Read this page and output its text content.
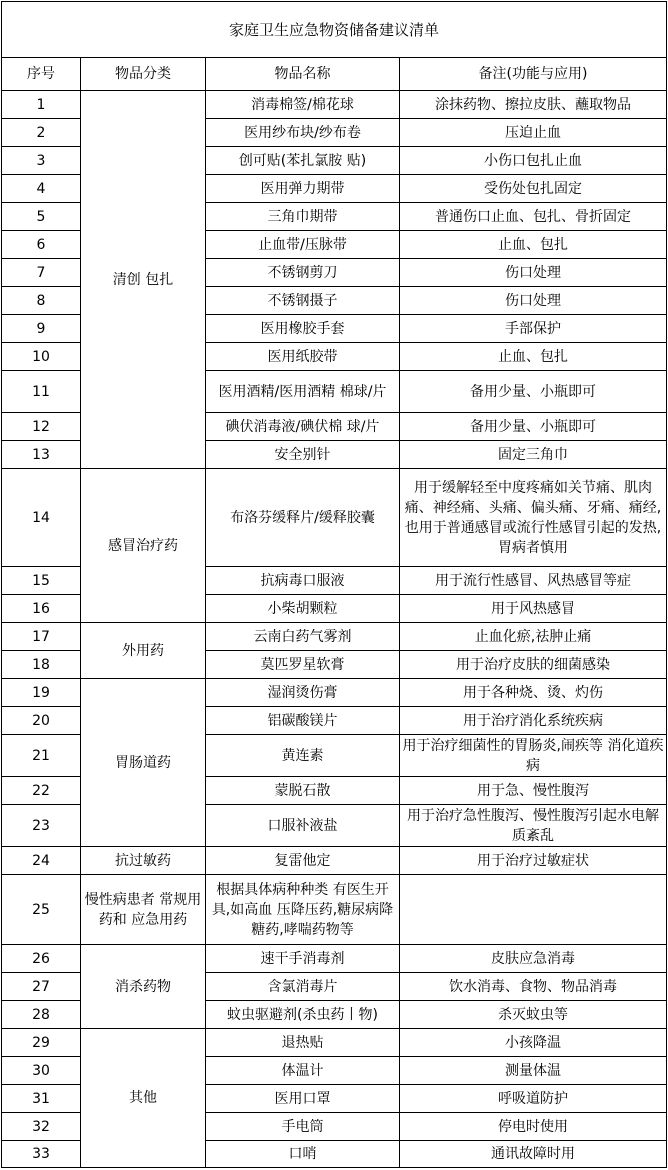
家庭卫生应急物资储备建议清单			
序号	物品分类	物品名称	备注(功能与应用)
1	清创 包扎	消毒棉签/棉花球	涂抹药物、擦拉皮肤、蘸取物品
2		医用纱布块/纱布卷	压迫止血
3		创可贴(苯扎氯胺 贴)	小伤口包扎止血
4		医用弹力期带	受伤处包扎固定
5		三角巾期带	普通伤口止血、包扎、骨折固定
6		止血带/压脉带	止血、包扎
7		不锈钢剪刀	伤口处理
8		不锈钢摄子	伤口处理
9		医用橡胶手套	手部保护
10		医用纸胶带	止血、包扎
11		医用酒精/医用酒精 棉球/片	备用少量、小瓶即可
12		碘伏消毒液/碘伏棉 球/片	备用少量、小瓶即可
13		安全别针	固定三角巾
14	感冒治疗药	布洛芬缓释片/缓释胶囊	用于缓解轻至中度疼痛如关节痛、肌肉痛、神经痛、头痛、偏头痛、牙痛、痛经,也用于普通感冒或流行性感冒引起的发热,胃病者慎用
15		抗病毒口服液	用于流行性感冒、风热感冒等症
16		小柴胡颗粒	用于风热感冒
17	外用药	云南白药气雾剂	止血化瘀,祛肿止痛
18		莫匹罗星软膏	用于治疗皮肤的细菌感染
19	胃肠道药	湿润烫伤膏	用于各种烧、烫、灼伤
20		铝碳酸镁片	用于治疗消化系统疾病
21		黄连素	用于治疗细菌性的胃肠炎,闹疾等 消化道疾病
22		蒙脱石散	用于急、慢性腹泻
23		口服补液盐	用于治疗急性腹泻、慢性腹泻引起水电解质紊乱
24	抗过敏药	复雷他定	用于治疗过敏症状
25	慢性病患者 常规用药和 应急用药	根据具体病种种类 有医生开具,如高血 压降压药,糖尿病降 糖药,哮喘药物等	
26	消杀药物	速干手消毒剂	皮肤应急消毒
27		含氯消毒片	饮水消毒、食物、物品消毒
28		蚊虫驱避剂(杀虫药丨物)	杀灭蚊虫等
29	其他	退热贴	小孩降温
30		体温计	测量体温
31		医用口罩	呼吸道防护
32		手电筒	停电时使用
33		口哨	通讯故障时用
